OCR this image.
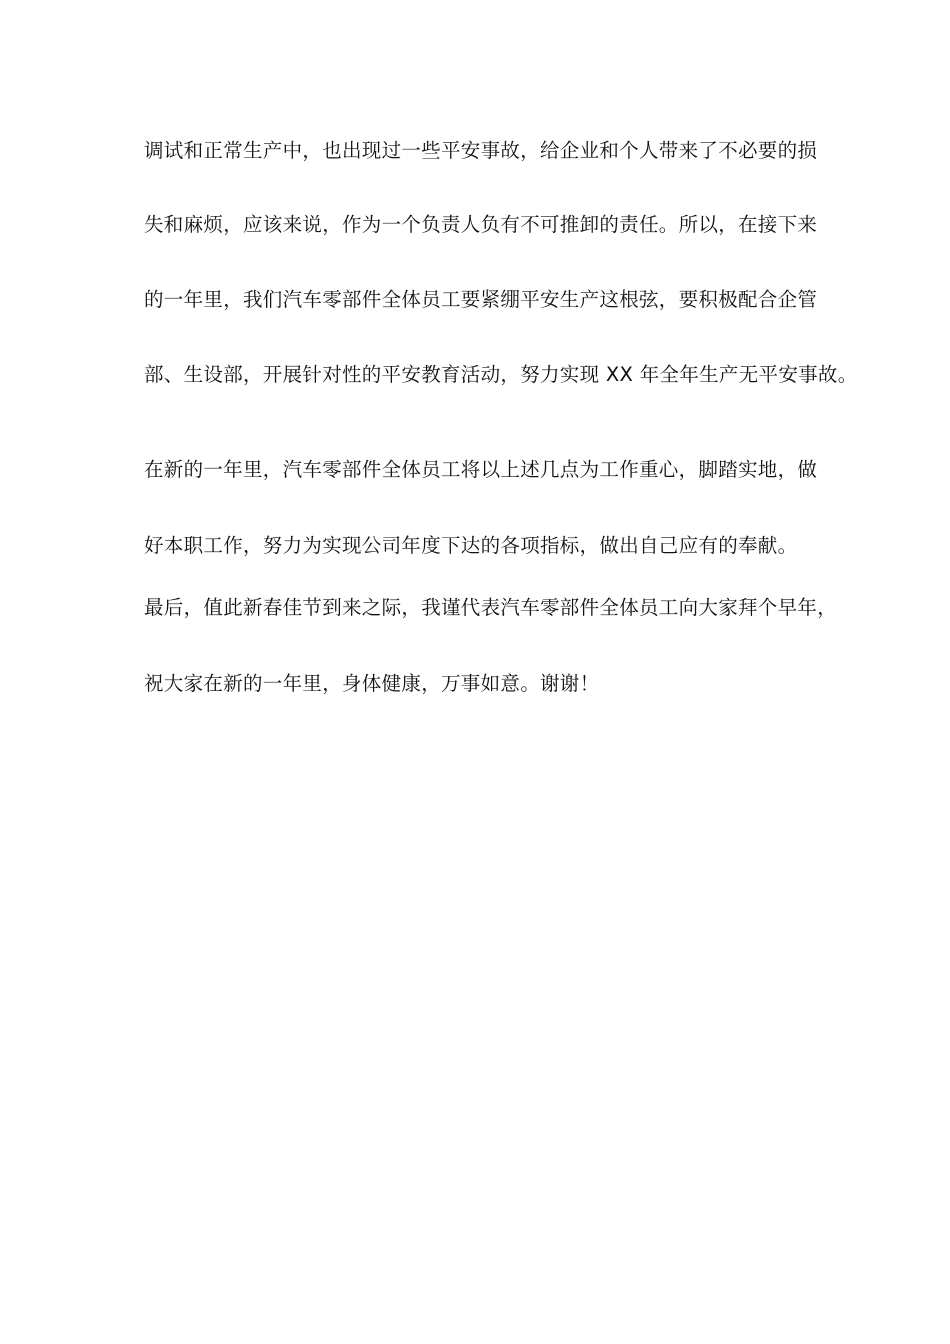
调试和正常生产中，也出现过一些平安事故，给企业和个人带来了不必要的损
失和麻烦，应该来说，作为一个负责人负有不可推卸的责任。所以，在接下来
的一年里，我们汽车零部件全体员工要紧绷平安生产这根弦，要积极配合企管
部、生设部，开展针对性的平安教育活动，努力实现 XX 年全年生产无平安事故。
在新的一年里，汽车零部件全体员工将以上述几点为工作重心，脚踏实地，做
好本职工作，努力为实现公司年度下达的各项指标，做出自己应有的奉献。
最后，值此新春佳节到来之际，我谨代表汽车零部件全体员工向大家拜个早年，
祝大家在新的一年里，身体健康，万事如意。谢谢！
